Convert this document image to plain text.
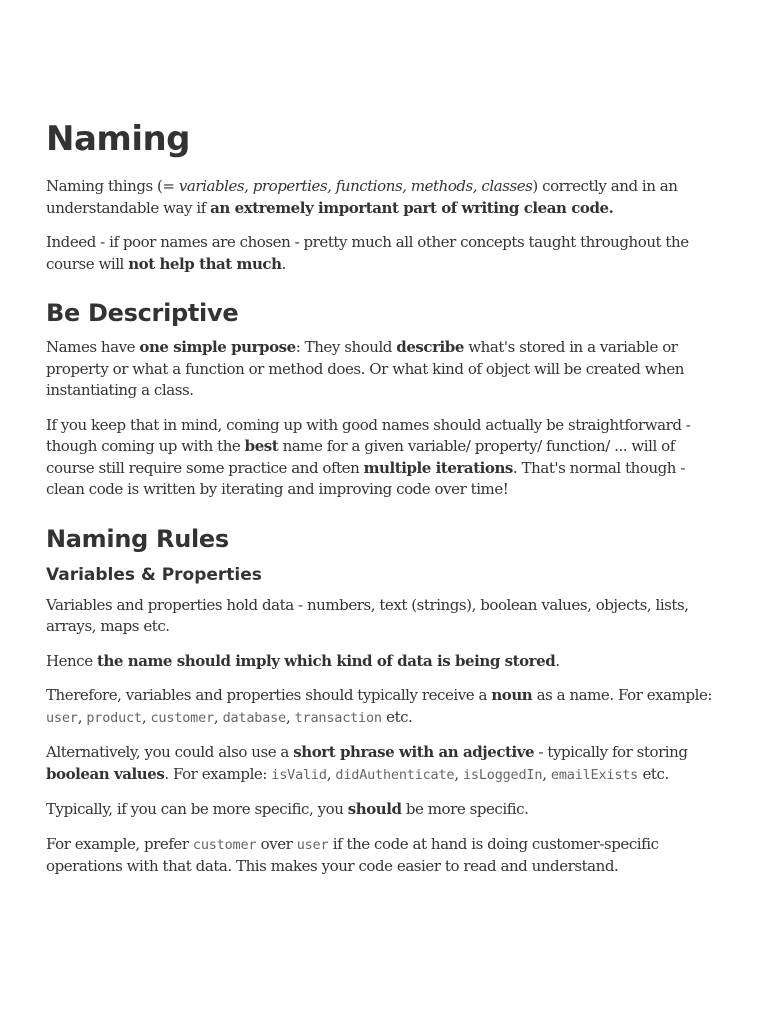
Naming

Naming things (= variables, properties, functions, methods, classes) correctly and in an understandable way if an extremely important part of writing clean code.

Indeed - if poor names are chosen - pretty much all other concepts taught throughout the course will not help that much.

Be Descriptive

Names have one simple purpose: They should describe what's stored in a variable or property or what a function or method does. Or what kind of object will be created when instantiating a class.

If you keep that in mind, coming up with good names should actually be straightforward - though coming up with the best name for a given variable/ property/ function/ ... will of course still require some practice and often multiple iterations. That's normal though - clean code is written by iterating and improving code over time!

Naming Rules
Variables & Properties

Variables and properties hold data - numbers, text (strings), boolean values, objects, lists, arrays, maps etc.

Hence the name should imply which kind of data is being stored.

Therefore, variables and properties should typically receive a noun as a name. For example: user, product, customer, database, transaction etc.

Alternatively, you could also use a short phrase with an adjective - typically for storing boolean values. For example: isValid, didAuthenticate, isLoggedIn, emailExists etc.

Typically, if you can be more specific, you should be more specific.

For example, prefer customer over user if the code at hand is doing customer-specific operations with that data. This makes your code easier to read and understand.
